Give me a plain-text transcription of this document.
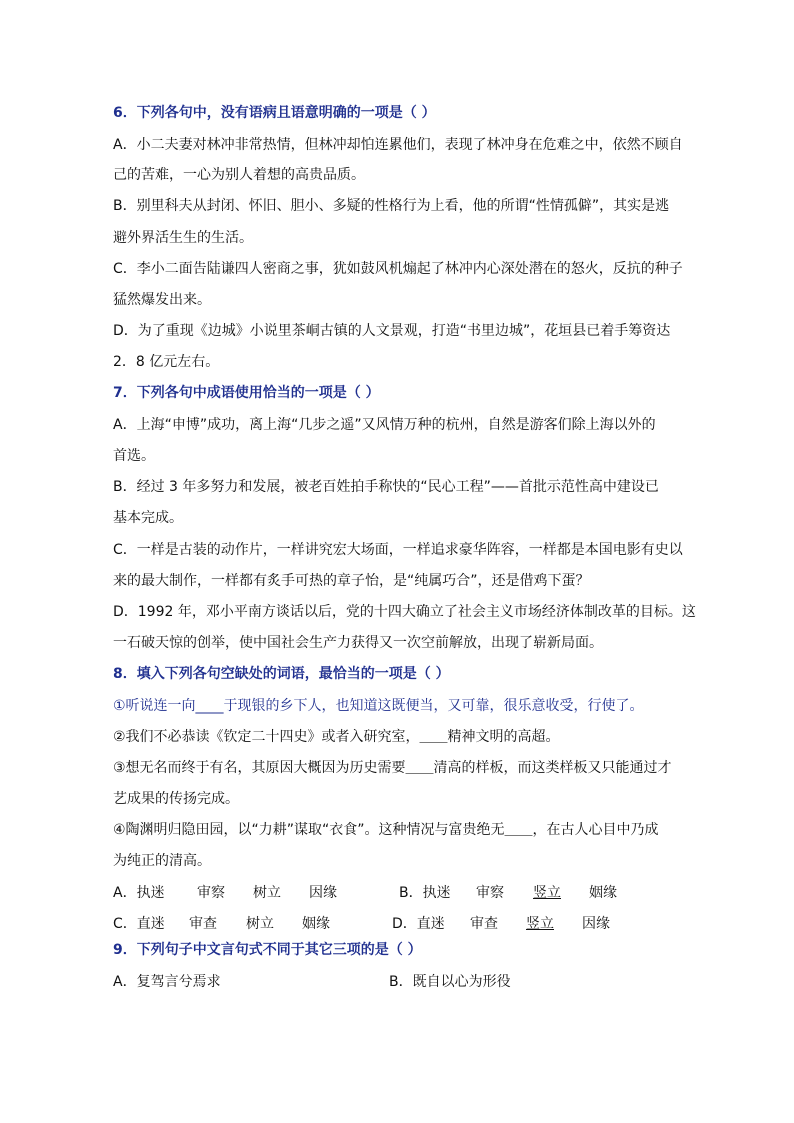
6．下列各句中，没有语病且语意明确的一项是（ ）
A．小二夫妻对林冲非常热情，但林冲却怕连累他们，表现了林冲身在危难之中，依然不顾自
己的苦难，一心为别人着想的高贵品质。
B．别里科夫从封闭、怀旧、胆小、多疑的性格行为上看，他的所谓“性情孤僻”，其实是逃
避外界活生生的生活。
C．李小二面告陆谦四人密商之事，犹如鼓风机煽起了林冲内心深处潜在的怒火，反抗的种子
猛然爆发出来。
D．为了重现《边城》小说里茶峒古镇的人文景观，打造“书里边城”，花垣县已着手筹资达
2．8 亿元左右。
7．下列各句中成语使用恰当的一项是（ ）
A．上海“申博”成功，离上海“几步之遥”又风情万种的杭州，自然是游客们除上海以外的
首选。
B．经过 3 年多努力和发展，被老百姓拍手称快的“民心工程”——首批示范性高中建设已
基本完成。
C．一样是古装的动作片，一样讲究宏大场面，一样追求豪华阵容，一样都是本国电影有史以
来的最大制作，一样都有炙手可热的章子怡，是“纯属巧合”，还是借鸡下蛋？
D．1992 年，邓小平南方谈话以后，党的十四大确立了社会主义市场经济体制改革的目标。这
一石破天惊的创举，使中国社会生产力获得又一次空前解放，出现了崭新局面。
8．填入下列各句空缺处的词语，最恰当的一项是（ ）
①听说连一向____于现银的乡下人，也知道这既便当，又可靠，很乐意收受，行使了。
②我们不必恭读《钦定二十四史》或者入研究室，＿＿精神文明的高超。
③想无名而终于有名，其原因大概因为历史需要＿＿清高的样板，而这类样板又只能通过才
艺成果的传扬完成。
④陶渊明归隐田园，以“力耕”谋取“衣食”。这种情况与富贵绝无＿＿，在古人心目中乃成
为纯正的清高。
A．执迷 审察 树立 因缘	B．执迷 审察 竖立 姻缘
C．直迷 审查 树立 姻缘	D．直迷 审查 竖立 因缘
9．下列句子中文言句式不同于其它三项的是（ ）
A．复驾言兮焉求	B．既自以心为形役
